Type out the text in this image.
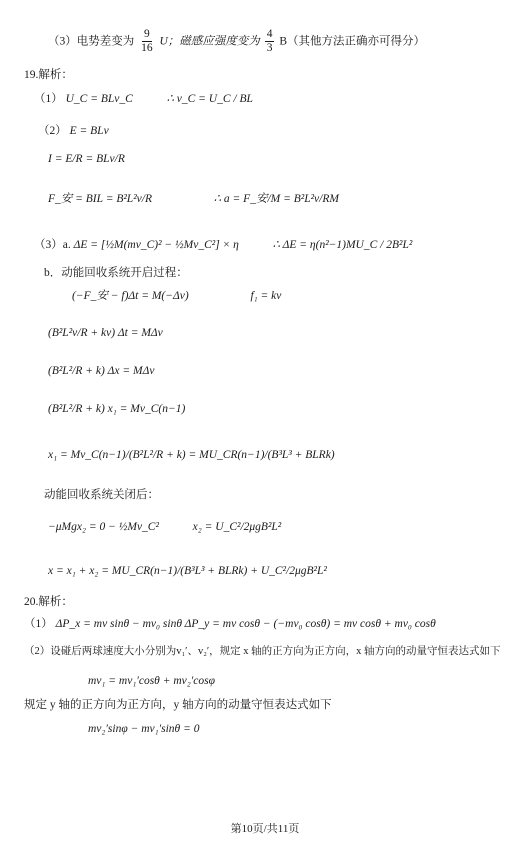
（3）电势差变为 $\frac{9}{16}$ U；磁感应强度变为 $\frac{4}{3} B$（其他方法正确亦可得分）
19.解析：
（1） U_C = BLv_C	∴ v_C = U_C / BL
（2） E = BLv
I = E/R = BLv/R
F_安 = BIL = B²L²v/R	∴ a = F_安/M = B²L²v/RM
（3）a. ΔE = [½M(mv_C)² − ½Mv_C²] × η	∴ ΔE = η(n²−1)MU_C / 2B²L²
b．动能回收系统开启过程：
(−F_安 − f)Δt = M(−Δv)	f₁ = kv
(B²L²v/R + kv) Δt = MΔv
(B²L²/R + k) Δx = MΔv
(B²L²/R + k) x₁ = Mv_C(n−1)
x₁ = Mv_C(n−1)/(B²L²/R + k) = MU_CR(n−1)/(B³L³ + BLRk)
动能回收系统关闭后：
−μMgx₂ = 0 − ½Mv_C²	x₂ = U_C²/2μgB²L²
x = x₁ + x₂ = MU_CR(n−1)/(B³L³ + BLRk) + U_C²/2μgB²L²
20.解析：
（1） ΔP_x = mv sinθ − mv₀ sinθ ΔP_y = mv cosθ − (−mv₀ cosθ) = mv cosθ + mv₀ cosθ
（2）设碰后两球速度大小分别为v₁′、v₂′，规定 x 轴的正方向为正方向，x 轴方向的动量守恒表达式如下
mv₁ = mv₁′cosθ + mv₂′cosφ
规定 y 轴的正方向为正方向，y 轴方向的动量守恒表达式如下
mv₂′sinφ − mv₁′sinθ = 0
第10页/共11页
